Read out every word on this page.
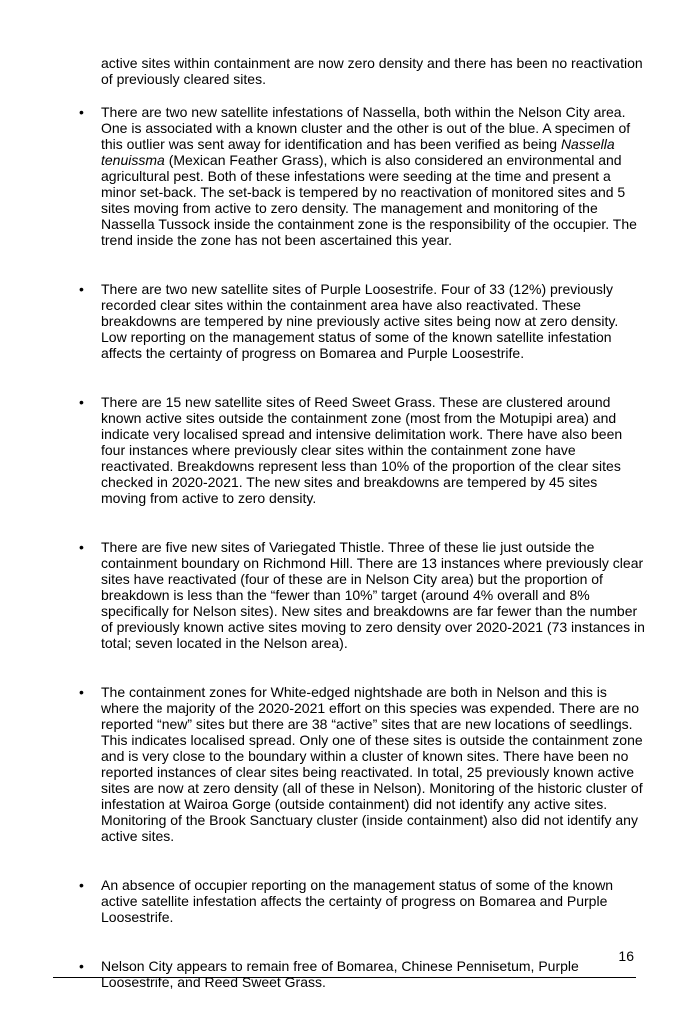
active sites within containment are now zero density and there has been no reactivation of previously cleared sites.

• There are two new satellite infestations of Nassella, both within the Nelson City area. One is associated with a known cluster and the other is out of the blue. A specimen of this outlier was sent away for identification and has been verified as being Nassella tenuissma (Mexican Feather Grass), which is also considered an environmental and agricultural pest. Both of these infestations were seeding at the time and present a minor set-back. The set-back is tempered by no reactivation of monitored sites and 5 sites moving from active to zero density. The management and monitoring of the Nassella Tussock inside the containment zone is the responsibility of the occupier. The trend inside the zone has not been ascertained this year.

• There are two new satellite sites of Purple Loosestrife. Four of 33 (12%) previously recorded clear sites within the containment area have also reactivated. These breakdowns are tempered by nine previously active sites being now at zero density. Low reporting on the management status of some of the known satellite infestation affects the certainty of progress on Bomarea and Purple Loosestrife.

• There are 15 new satellite sites of Reed Sweet Grass. These are clustered around known active sites outside the containment zone (most from the Motupipi area) and indicate very localised spread and intensive delimitation work. There have also been four instances where previously clear sites within the containment zone have reactivated. Breakdowns represent less than 10% of the proportion of the clear sites checked in 2020-2021. The new sites and breakdowns are tempered by 45 sites moving from active to zero density.

• There are five new sites of Variegated Thistle. Three of these lie just outside the containment boundary on Richmond Hill. There are 13 instances where previously clear sites have reactivated (four of these are in Nelson City area) but the proportion of breakdown is less than the “fewer than 10%” target (around 4% overall and 8% specifically for Nelson sites). New sites and breakdowns are far fewer than the number of previously known active sites moving to zero density over 2020-2021 (73 instances in total; seven located in the Nelson area).

• The containment zones for White-edged nightshade are both in Nelson and this is where the majority of the 2020-2021 effort on this species was expended. There are no reported “new” sites but there are 38 “active” sites that are new locations of seedlings. This indicates localised spread. Only one of these sites is outside the containment zone and is very close to the boundary within a cluster of known sites. There have been no reported instances of clear sites being reactivated. In total, 25 previously known active sites are now at zero density (all of these in Nelson). Monitoring of the historic cluster of infestation at Wairoa Gorge (outside containment) did not identify any active sites. Monitoring of the Brook Sanctuary cluster (inside containment) also did not identify any active sites.

• An absence of occupier reporting on the management status of some of the known active satellite infestation affects the certainty of progress on Bomarea and Purple Loosestrife.

• Nelson City appears to remain free of Bomarea, Chinese Pennisetum, Purple Loosestrife, and Reed Sweet Grass.

16
